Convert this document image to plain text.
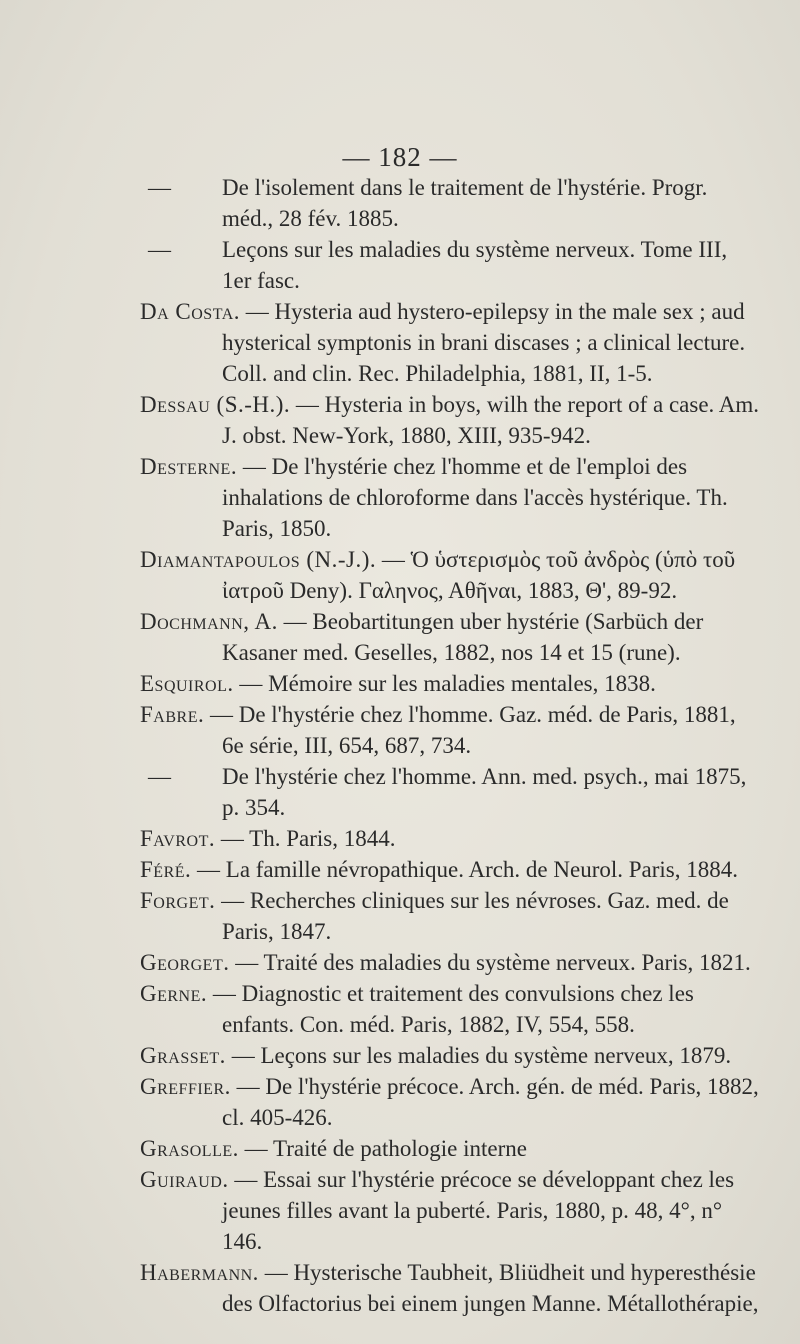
— 182 —

— De l'isolement dans le traitement de l'hystérie. Progr. méd., 28 fév. 1885.

— Leçons sur les maladies du système nerveux. Tome III, 1er fasc.

Da Costa. — Hysteria aud hystero-epilepsy in the male sex ; aud hysterical symptonis in brani discases ; a clinical lecture. Coll. and clin. Rec. Philadelphia, 1881, II, 1-5.

Dessau (S.-H.). — Hysteria in boys, wilh the report of a case. Am. J. obst. New-York, 1880, XIII, 935-942.

Desterne. — De l'hystérie chez l'homme et de l'emploi des inhalations de chloroforme dans l'accès hystérique. Th. Paris, 1850.

Diamantapoulos (N.-J.). — Ὁ ὑστερισμὸς τοῦ ἀνδρὸς (ὑπὸ τοῦ ἰατροῦ Deny). Γαληνος, Αθῆναι, 1883, Θ', 89-92.

Dochmann, A. — Beobartitungen uber hystérie (Sarbüch der Kasaner med. Geselles, 1882, nos 14 et 15 (rune).

Esquirol. — Mémoire sur les maladies mentales, 1838.

Fabre. — De l'hystérie chez l'homme. Gaz. méd. de Paris, 1881, 6e série, III, 654, 687, 734.

— De l'hystérie chez l'homme. Ann. med. psych., mai 1875, p. 354.

Favrot. — Th. Paris, 1844.

Féré. — La famille névropathique. Arch. de Neurol. Paris, 1884.

Forget. — Recherches cliniques sur les névroses. Gaz. med. de Paris, 1847.

Georget. — Traité des maladies du système nerveux. Paris, 1821.

Gerne. — Diagnostic et traitement des convulsions chez les enfants. Con. méd. Paris, 1882, IV, 554, 558.

Grasset. — Leçons sur les maladies du système nerveux, 1879.

Greffier. — De l'hystérie précoce. Arch. gén. de méd. Paris, 1882, cl. 405-426.

Grasolle. — Traité de pathologie interne

Guiraud. — Essai sur l'hystérie précoce se développant chez les jeunes filles avant la puberté. Paris, 1880, p. 48, 4°, n° 146.

Habermann. — Hysterische Taubheit, Bliüdheit und hyperesthésie des Olfactorius bei einem jungen Manne. Métallothérapie,
